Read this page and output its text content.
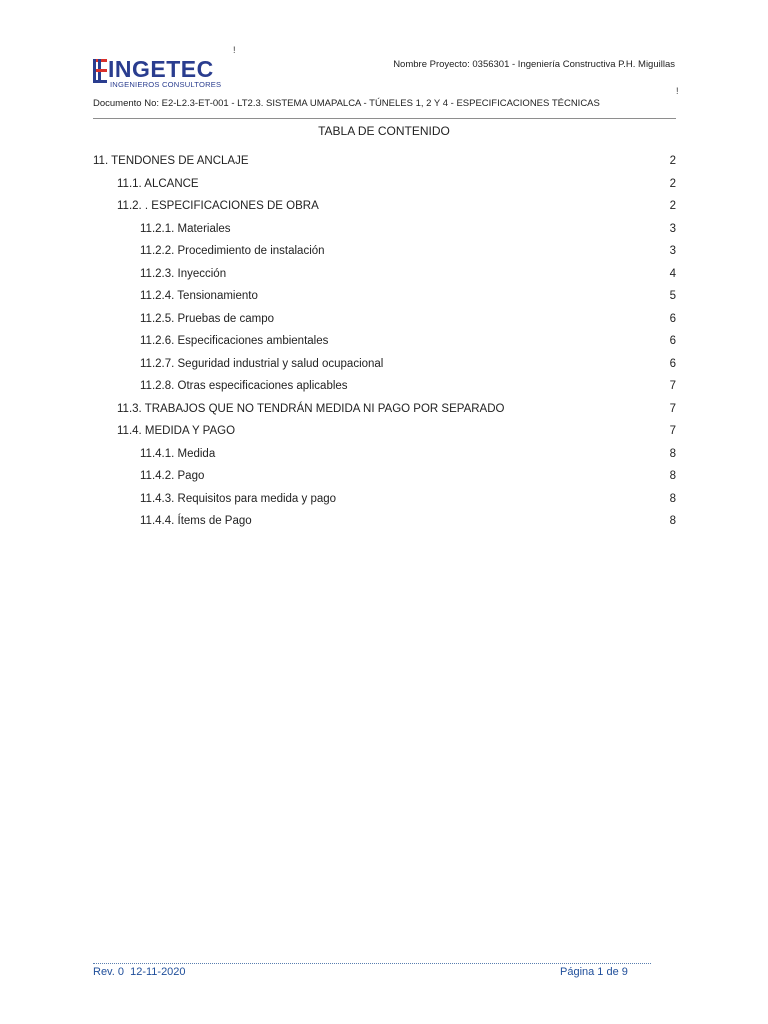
INGETEC
INGENIEROS CONSULTORES
!
Nombre Proyecto: 0356301 - Ingeniería Constructiva P.H. Miguillas
!
Documento No: E2-L2.3-ET-001 - LT2.3. SISTEMA UMAPALCA - TÚNELES 1, 2 Y 4 - ESPECIFICACIONES TÉCNICAS
TABLA DE CONTENIDO
11. TENDONES DE ANCLAJE	2
11.1. ALCANCE	2
11.2. . ESPECIFICACIONES DE OBRA	2
11.2.1. Materiales	3
11.2.2. Procedimiento de instalación	3
11.2.3. Inyección	4
11.2.4. Tensionamiento	5
11.2.5. Pruebas de campo	6
11.2.6. Especificaciones ambientales	6
11.2.7. Seguridad industrial y salud ocupacional	6
11.2.8. Otras especificaciones aplicables	7
11.3. TRABAJOS QUE NO TENDRÁN MEDIDA NI PAGO POR SEPARADO	7
11.4. MEDIDA Y PAGO	7
11.4.1. Medida	8
11.4.2. Pago	8
11.4.3. Requisitos para medida y pago	8
11.4.4. Ítems de Pago	8
Rev. 0  12-11-2020	Página 1 de 9
